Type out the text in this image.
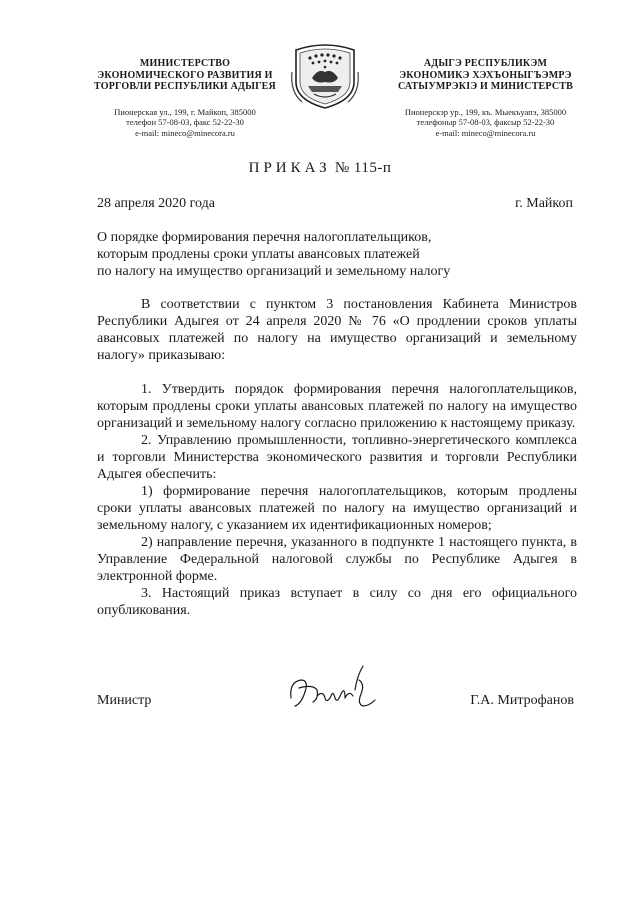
МИНИСТЕРСТВО
ЭКОНОМИЧЕСКОГО РАЗВИТИЯ И
ТОРГОВЛИ РЕСПУБЛИКИ АДЫГЕЯ
Пионерская ул., 199, г. Майкоп, 385000
телефон 57-08-03, факс 52-22-30
e-mail: mineco@minecora.ru
АДЫГЭ РЕСПУБЛИКЭМ
ЭКОНОМИКЭ ХЭХЪОНЫГЪЭМРЭ
САТЫУМРЭКІЭ И МИНИСТЕРСТВ
Пионерскэр ур., 199, къ. Мыекъуапэ, 385000
телефоныр 57-08-03, факсыр 52-22-30
e-mail: mineco@minecora.ru
ПРИКАЗ № 115-п
28 апреля 2020 года	г. Майкоп
О порядке формирования перечня налогоплательщиков,
которым продлены сроки уплаты авансовых платежей
по налогу на имущество организаций и земельному налогу

В соответствии с пунктом 3 постановления Кабинета Министров Республики Адыгея от 24 апреля 2020 № 76 «О продлении сроков уплаты авансовых платежей по налогу на имущество организаций и земельному налогу» приказываю:

1. Утвердить порядок формирования перечня налогоплательщиков, которым продлены сроки уплаты авансовых платежей по налогу на имущество организаций и земельному налогу согласно приложению к настоящему приказу.

2. Управлению промышленности, топливно-энергетического комплекса и торговли Министерства экономического развития и торговли Республики Адыгея обеспечить:

1) формирование перечня налогоплательщиков, которым продлены сроки уплаты авансовых платежей по налогу на имущество организаций и земельному налогу, с указанием их идентификационных номеров;

2) направление перечня, указанного в подпункте 1 настоящего пункта, в Управление Федеральной налоговой службы по Республике Адыгея в электронной форме.

3. Настоящий приказ вступает в силу со дня его официального опубликования.

Министр	Г.А. Митрофанов
